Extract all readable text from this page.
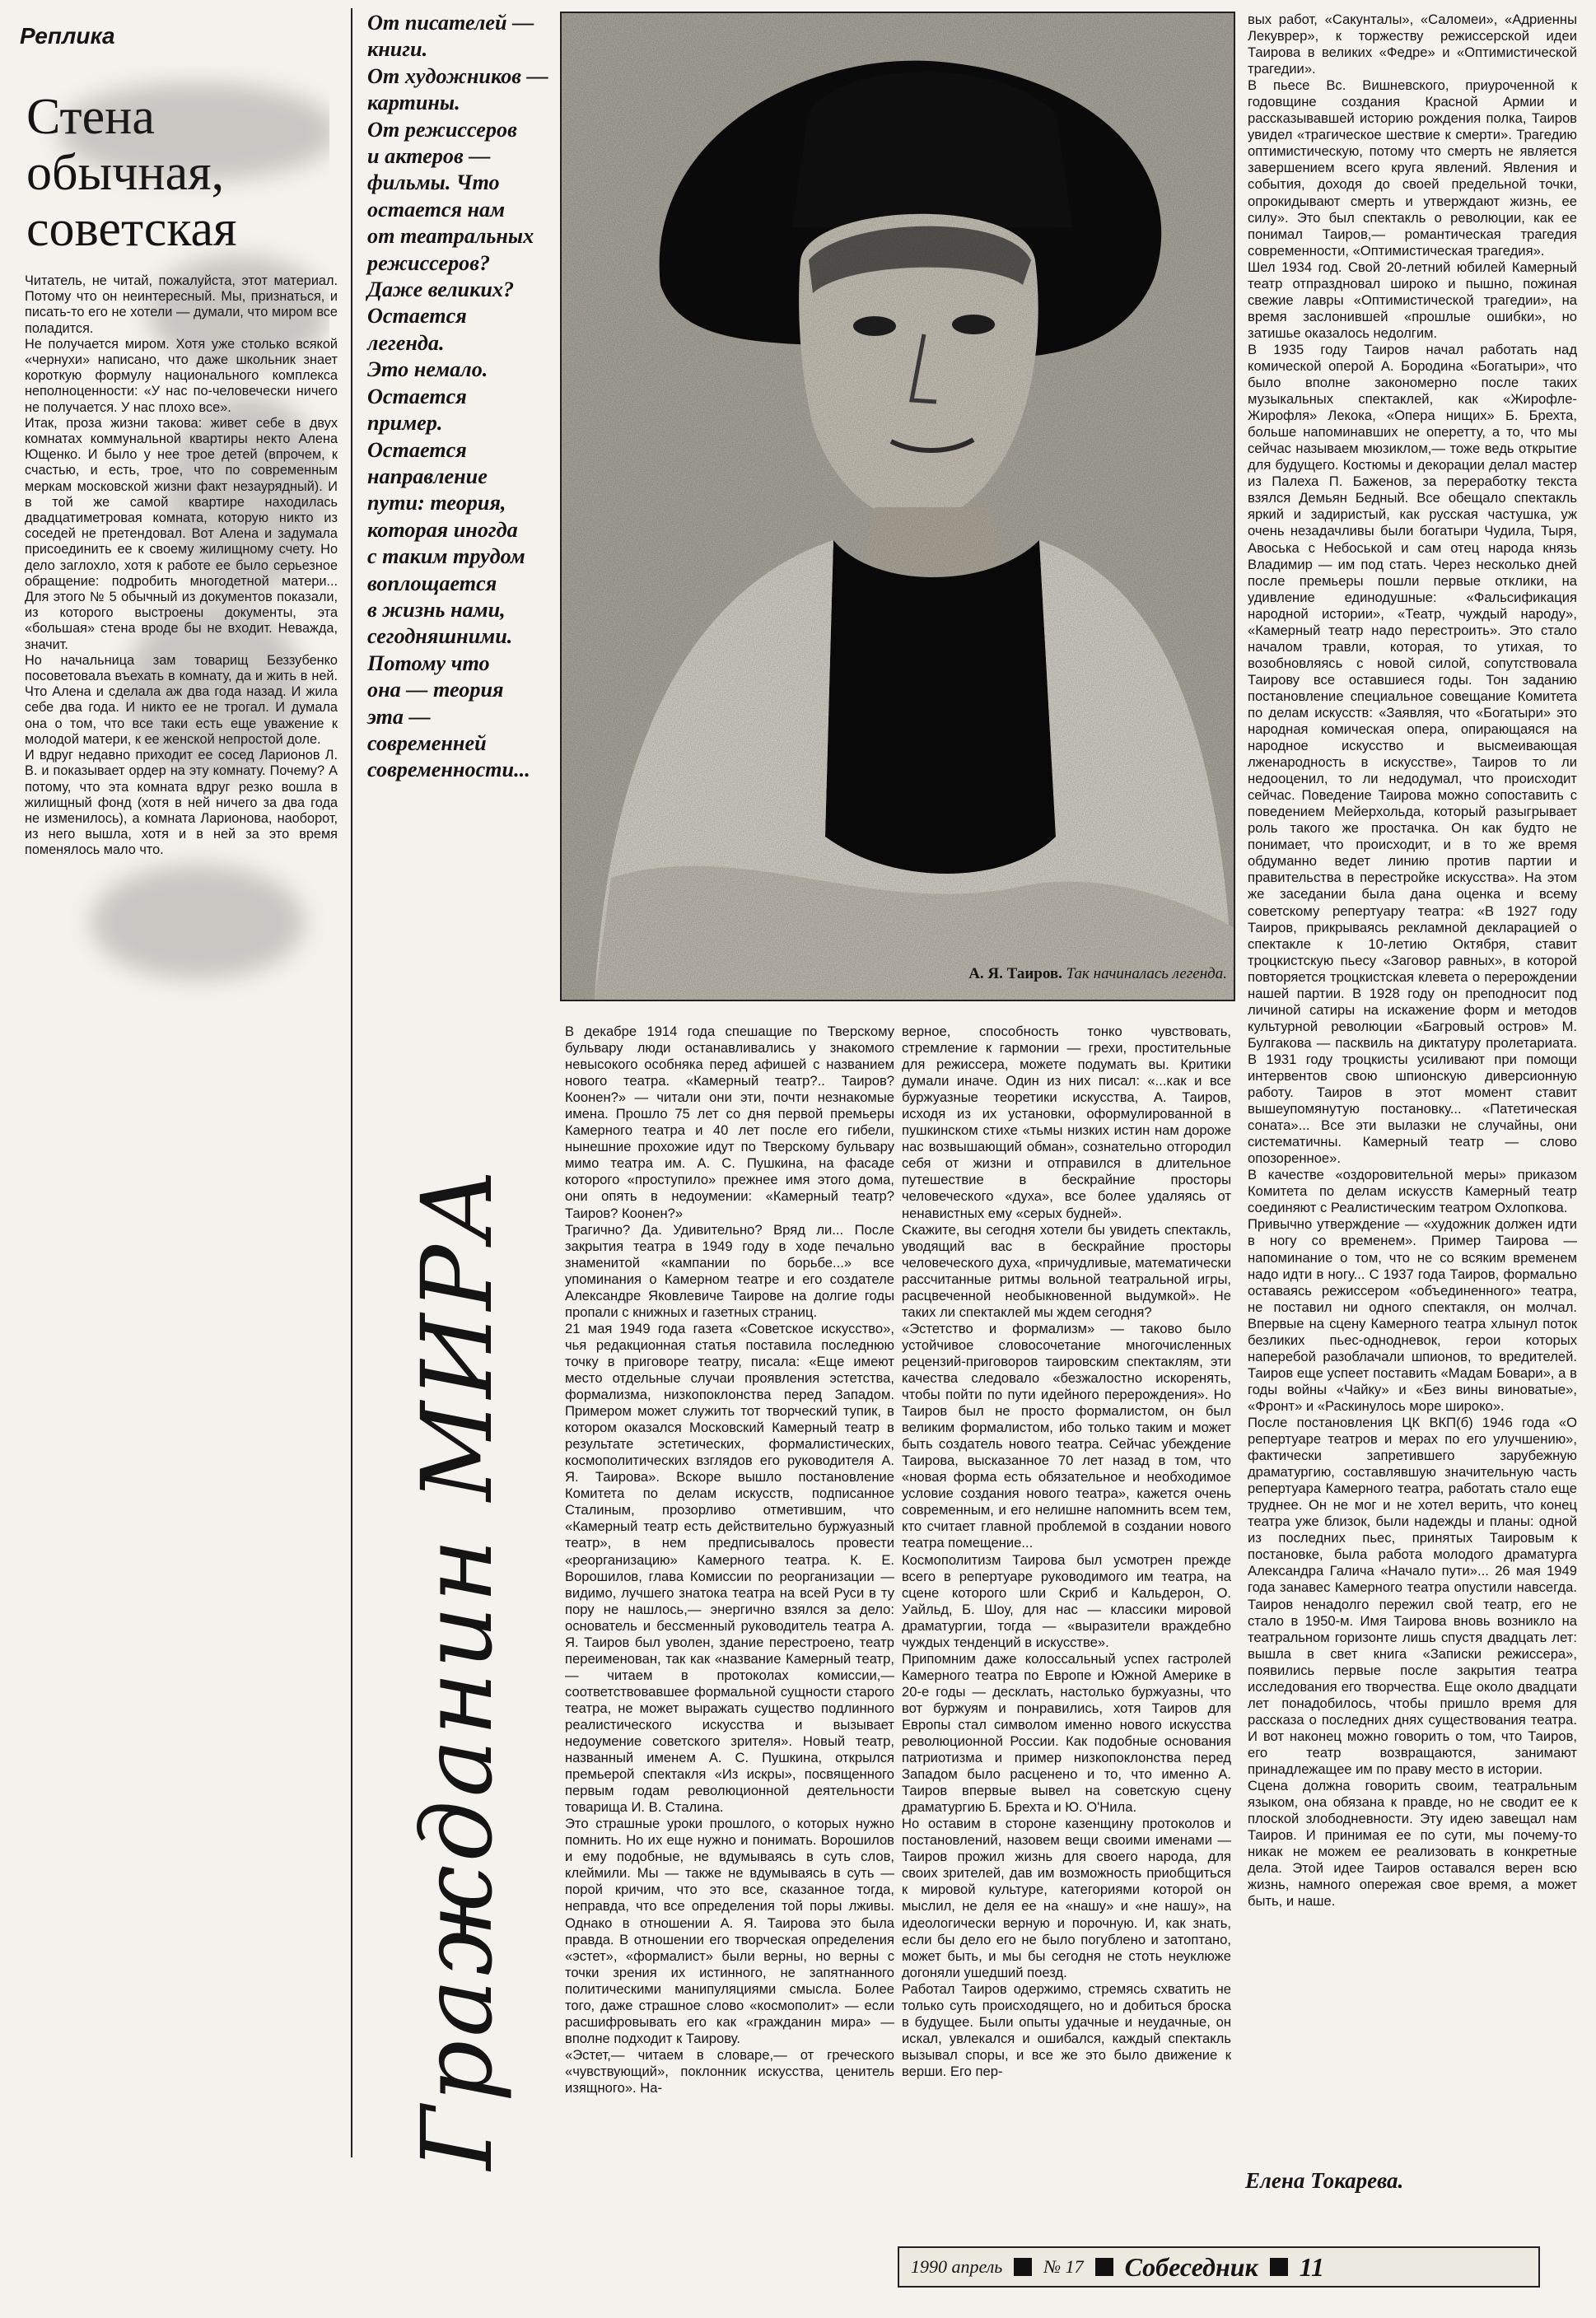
Реплика
Стена обычная, советская
Читатель, не читай, пожалуйста, этот материал. Потому что он неинтересный. Мы, признаться, и писать-то его не хотели — думали, что миром все поладится.
Не получается миром. Хотя уже столько всякой «чернухи» написано, что даже школьник знает короткую формулу национального комплекса неполноценности: «У нас по-человечески ничего не получается. У нас плохо все».
Итак, проза жизни такова: живет себе в двух комнатах коммунальной квартиры некто Алена Ющенко. И было у нее трое детей (впрочем, к счастью, и есть, трое, что по современным меркам московской жизни факт незаурядный). И в той же самой квартире находилась двадцатиметровая комната, которую никто из соседей не претендовал. Вот Алена и задумала присоединить ее к своему жилищному счету. Но дело заглохло, хотя к работе ее было серьезное обращение: подробить многодетной матери... Для этого № 5 обычный из документов показали, из которого выстроены документы, эта «большая» стена вроде бы не входит. Неважда, значит.
Но начальница зам товарищ Беззубенко посоветовала въехать в комнату, да и жить в ней. Что Алена и сделала аж два года назад. И жила себе два года. И никто ее не трогал. И думала она о том, что все таки есть еще уважение к молодой матери, к ее женской непростой доле.
И вдруг недавно приходит ее сосед Ларионов Л. В. и показывает ордер на эту комнату. Почему? А потому, что эта комната вдруг резко вошла в жилищный фонд (хотя в ней ничего за два года не изменилось), а комната Ларионова, наоборот, из него вышла, хотя и в ней за это время поменялось мало что.
От писателей —
книги.
От художников —
картины.
От режиссеров
и актеров —
фильмы. Что
остается нам
от театральных
режиссеров?
Даже великих?
Остается
легенда.
Это немало.
Остается
пример.
Остается
направление
пути: теория,
которая иногда
с таким трудом
воплощается
в жизнь нами,
сегодняшними.
Потому что
она — теория
эта —
современней
современности...
А. Я. Таиров. Так начиналась легенда.
Гражданин МИРА
В декабре 1914 года спешащие по Тверскому бульвару люди останавливались у знакомого невысокого особняка перед афишей с названием нового театра. «Камерный театр?.. Таиров? Коонен?» — читали они эти, почти незнакомые имена. Прошло 75 лет со дня первой премьеры Камерного театра и 40 лет после его гибели, нынешние прохожие идут по Тверскому бульвару мимо театра им. А. С. Пушкина, на фасаде которого «проступило» прежнее имя этого дома, они опять в недоумении: «Камерный театр? Таиров? Коонен?»
Трагично? Да. Удивительно? Вряд ли... После закрытия театра в 1949 году в ходе печально знаменитой «кампании по борьбе...» все упоминания о Камерном театре и его создателе Александре Яковлевиче Таирове на долгие годы пропали с книжных и газетных страниц.
21 мая 1949 года газета «Советское искусство», чья редакционная статья поставила последнюю точку в приговоре театру, писала: «Еще имеют место отдельные случаи проявления эстетства, формализма, низкопоклонства перед Западом. Примером может служить тот творческий тупик, в котором оказался Московский Камерный театр в результате эстетических, формалистических, космополитических взглядов его руководителя А. Я. Таирова». Вскоре вышло постановление Комитета по делам искусств, подписанное Сталиным, прозорливо отметившим, что «Камерный театр есть действительно буржуазный театр», в нем предписывалось провести «реорганизацию» Камерного театра. К. Е. Ворошилов, глава Комиссии по реорганизации — видимо, лучшего знатока театра на всей Руси в ту пору не нашлось,— энергично взялся за дело: основатель и бессменный руководитель театра А. Я. Таиров был уволен, здание перестроено, театр переименован, так как «название Камерный театр,— читаем в протоколах комиссии,— соответствовавшее формальной сущности старого театра, не может выражать существо подлинного реалистического искусства и вызывает недоумение советского зрителя». Новый театр, названный именем А. С. Пушкина, открылся премьерой спектакля «Из искры», посвященного первым годам революционной деятельности товарища И. В. Сталина.
Это страшные уроки прошлого, о которых нужно помнить. Но их еще нужно и понимать. Ворошилов и ему подобные, не вдумываясь в суть слов, клеймили. Мы — также не вдумываясь в суть — порой кричим, что это все, сказанное тогда, неправда, что все определения той поры лживы. Однако в отношении А. Я. Таирова это была правда. В отношении его творческая определения «эстет», «формалист» были верны, но верны с точки зрения их истинного, не запятнанного политическими манипуляциями смысла. Более того, даже страшное слово «космополит» — если расшифровывать его как «гражданин мира» — вполне подходит к Таирову.
«Эстет,— читаем в словаре,— от греческого «чувствующий», поклонник искусства, ценитель изящного». На-
верное, способность тонко чувствовать, стремление к гармонии — грехи, простительные для режиссера, можете подумать вы. Критики думали иначе. Один из них писал: «...как и все буржуазные теоретики искусства, А. Таиров, исходя из их установки, оформулированной в пушкинском стихе «тьмы низких истин нам дороже нас возвышающий обман», сознательно отгородил себя от жизни и отправился в длительное путешествие в бескрайние просторы человеческого «духа», все более удаляясь от ненавистных ему «серых будней».
Скажите, вы сегодня хотели бы увидеть спектакль, уводящий вас в бескрайние просторы человеческого духа, «причудливые, математически рассчитанные ритмы вольной театральной игры, расцвеченной необыкновенной выдумкой». Не таких ли спектаклей мы ждем сегодня?
«Эстетство и формализм» — таково было устойчивое словосочетание многочисленных рецензий-приговоров таировским спектаклям, эти качества следовало «безжалостно искоренять, чтобы пойти по пути идейного перерождения». Но Таиров был не просто формалистом, он был великим формалистом, ибо только таким и может быть создатель нового театра. Сейчас убеждение Таирова, высказанное 70 лет назад в том, что «новая форма есть обязательное и необходимое условие создания нового театра», кажется очень современным, и его нелишне напомнить всем тем, кто считает главной проблемой в создании нового театра помещение...
Космополитизм Таирова был усмотрен прежде всего в репертуаре руководимого им театра, на сцене которого шли Скриб и Кальдерон, О. Уайльд, Б. Шоу, для нас — классики мировой драматургии, тогда — «выразители враждебно чуждых тенденций в искусстве».
Припомним даже колоссальный успех гастролей Камерного театра по Европе и Южной Америке в 20-е годы — десклать, настолько буржуазны, что вот буржуям и понравились, хотя Таиров для Европы стал символом именно нового искусства революционной России. Как подобные основания патриотизма и пример низкопоклонства перед Западом было расценено и то, что именно А. Таиров впервые вывел на советскую сцену драматургию Б. Брехта и Ю. О'Нила.
Но оставим в стороне казенщину протоколов и постановлений, назовем вещи своими именами — Таиров прожил жизнь для своего народа, для своих зрителей, дав им возможность приобщиться к мировой культуре, категориями которой он мыслил, не деля ее на «нашу» и «не нашу», на идеологически верную и порочную. И, как знать, если бы дело его не было погублено и затоптано, может быть, и мы бы сегодня не стоть неуклюже догоняли ушедший поезд.
Работал Таиров одержимо, стремясь схватить не только суть происходящего, но и добиться броска в будущее. Были опыты удачные и неудачные, он искал, увлекался и ошибался, каждый спектакль вызывал споры, и все же это было движение к верши. Его пер-
вых работ, «Сакунталы», «Саломеи», «Адриенны Лекуврер», к торжеству режиссерской идеи Таирова в великих «Федре» и «Оптимистической трагедии».
В пьесе Вс. Вишневского, приуроченной к годовщине создания Красной Армии и рассказывавшей историю рождения полка, Таиров увидел «трагическое шествие к смерти». Трагедию оптимистическую, потому что смерть не является завершением всего круга явлений. Явления и события, доходя до своей предельной точки, опрокидывают смерть и утверждают жизнь, ее силу». Это был спектакль о революции, как ее понимал Таиров,— романтическая трагедия современности, «Оптимистическая трагедия».
Шел 1934 год. Свой 20-летний юбилей Камерный театр отпраздновал широко и пышно, пожиная свежие лавры «Оптимистической трагедии», на время заслонившей «прошлые ошибки», но затишье оказалось недолгим.
В 1935 году Таиров начал работать над комической оперой А. Бородина «Богатыри», что было вполне закономерно после таких музыкальных спектаклей, как «Жирофле-Жирофля» Лекока, «Опера нищих» Б. Брехта, больше напоминавших не оперетту, а то, что мы сейчас называем мюзиклом,— тоже ведь открытие для будущего. Костюмы и декорации делал мастер из Палеха П. Баженов, за переработку текста взялся Демьян Бедный. Все обещало спектакль яркий и задиристый, как русская частушка, уж очень незадачливы были богатыри Чудила, Тыря, Авоська с Небоськой и сам отец народа князь Владимир — им под стать. Через несколько дней после премьеры пошли первые отклики, на удивление единодушные: «Фальсификация народной истории», «Театр, чуждый народу», «Камерный театр надо перестроить». Это стало началом травли, которая, то утихая, то возобновляясь с новой силой, сопутствовала Таирову все оставшиеся годы. Тон заданию постановление специальное совещание Комитета по делам искусств: «Заявляя, что «Богатыри» это народная комическая опера, опирающаяся на народное искусство и высмеивающая лженародность в искусстве», Таиров то ли недооценил, то ли недодумал, что происходит сейчас. Поведение Таирова можно сопоставить с поведением Мейерхольда, который разыгрывает роль такого же простачка. Он как будто не понимает, что происходит, и в то же время обдуманно ведет линию против партии и правительства в перестройке искусства». На этом же заседании была дана оценка и всему советскому репертуару театра: «В 1927 году Таиров, прикрываясь рекламной декларацией о спектакле к 10-летию Октября, ставит троцкистскую пьесу «Заговор равных», в которой повторяется троцкистская клевета о перерождении нашей партии. В 1928 году он преподносит под личиной сатиры на искажение форм и методов культурной революции «Багровый остров» М. Булгакова — пасквиль на диктатуру пролетариата. В 1931 году троцкисты усиливают при помощи интервентов свою шпионскую диверсионную работу. Таиров в этот момент ставит вышеупомянутую постановку... «Патетическая соната»... Все эти вылазки не случайны, они систематичны. Камерный театр — слово опозоренное».
В качестве «оздоровительной меры» приказом Комитета по делам искусств Камерный театр соединяют с Реалистическим театром Охлопкова.
Привычно утверждение — «художник должен идти в ногу со временем». Пример Таирова — напоминание о том, что не со всяким временем надо идти в ногу... С 1937 года Таиров, формально оставаясь режиссером «объединенного» театра, не поставил ни одного спектакля, он молчал. Впервые на сцену Камерного театра хлынул поток безликих пьес-однодневок, герои которых наперебой разоблачали шпионов, то вредителей. Таиров еще успеет поставить «Мадам Бовари», а в годы войны «Чайку» и «Без вины виноватые», «Фронт» и «Раскинулось море широко».
После постановления ЦК ВКП(б) 1946 года «О репертуаре театров и мерах по его улучшению», фактически запретившего зарубежную драматургию, составлявшую значительную часть репертуара Камерного театра, работать стало еще труднее. Он не мог и не хотел верить, что конец театра уже близок, были надежды и планы: одной из последних пьес, принятых Таировым к постановке, была работа молодого драматурга Александра Галича «Начало пути»... 26 мая 1949 года занавес Камерного театра опустили навсегда. Таиров ненадолго пережил свой театр, его не стало в 1950-м. Имя Таирова вновь возникло на театральном горизонте лишь спустя двадцать лет: вышла в свет книга «Записки режиссера», появились первые после закрытия театра исследования его творчества. Еще около двадцати лет понадобилось, чтобы пришло время для рассказа о последних днях существования театра. И вот наконец можно говорить о том, что Таиров, его театр возвращаются, занимают принадлежащее им по праву место в истории.
Сцена должна говорить своим, театральным языком, она обязана к правде, но не сводит ее к плоской злободневности. Эту идею завещал нам Таиров. И принимая ее по сути, мы почему-то никак не можем ее реализовать в конкретные дела. Этой идее Таиров оставался верен всю жизнь, намного опережая свое время, а может быть, и наше.
Елена Токарева.
1990 апрель № 17 Собеседник 11
